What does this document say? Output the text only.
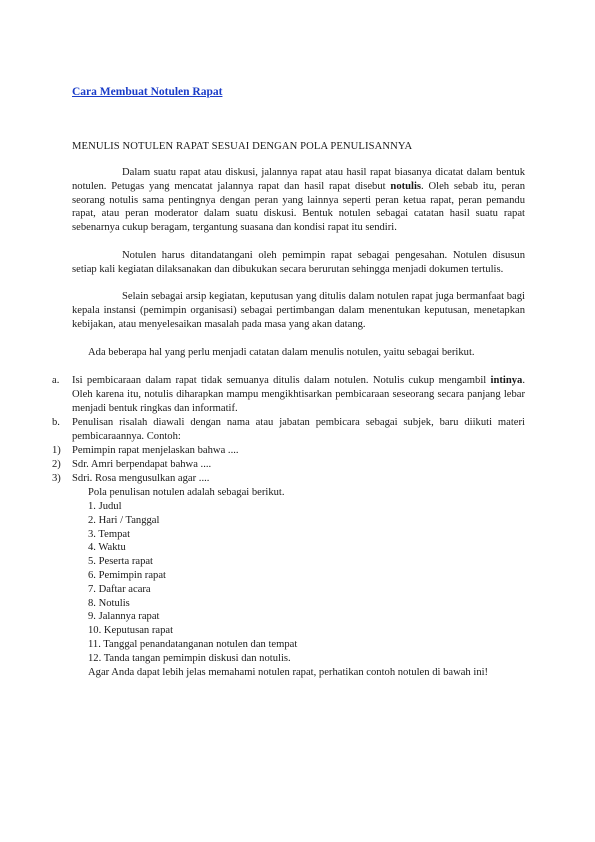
Cara Membuat Notulen Rapat
MENULIS NOTULEN RAPAT SESUAI DENGAN POLA PENULISANNYA
Dalam suatu rapat atau diskusi, jalannya rapat atau hasil rapat biasanya dicatat dalam bentuk notulen. Petugas yang mencatat jalannya rapat dan hasil rapat disebut notulis. Oleh sebab itu, peran seorang notulis sama pentingnya dengan peran yang lainnya seperti peran ketua rapat, peran pemandu rapat, atau peran moderator dalam suatu diskusi. Bentuk notulen sebagai catatan hasil suatu rapat sebenarnya cukup beragam, tergantung suasana dan kondisi rapat itu sendiri.
Notulen harus ditandatangani oleh pemimpin rapat sebagai pengesahan. Notulen disusun setiap kali kegiatan dilaksanakan dan dibukukan secara berurutan sehingga menjadi dokumen tertulis.
Selain sebagai arsip kegiatan, keputusan yang ditulis dalam notulen rapat juga bermanfaat bagi kepala instansi (pemimpin organisasi) sebagai pertimbangan dalam menentukan keputusan, menetapkan kebijakan, atau menyelesaikan masalah pada masa yang akan datang.
Ada beberapa hal yang perlu menjadi catatan dalam menulis notulen, yaitu sebagai berikut.
a. Isi pembicaraan dalam rapat tidak semuanya ditulis dalam notulen. Notulis cukup mengambil intinya. Oleh karena itu, notulis diharapkan mampu mengikhtisarkan pembicaraan seseorang secara panjang lebar menjadi bentuk ringkas dan informatif.
b. Penulisan risalah diawali dengan nama atau jabatan pembicara sebagai subjek, baru diikuti materi pembicaraannya. Contoh:
1) Pemimpin rapat menjelaskan bahwa ....
2) Sdr. Amri berpendapat bahwa ....
3) Sdri. Rosa mengusulkan agar ....
Pola penulisan notulen adalah sebagai berikut.
1. Judul
2. Hari / Tanggal
3. Tempat
4. Waktu
5. Peserta rapat
6. Pemimpin rapat
7. Daftar acara
8. Notulis
9. Jalannya rapat
10. Keputusan rapat
11. Tanggal penandatanganan notulen dan tempat
12. Tanda tangan pemimpin diskusi dan notulis.
Agar Anda dapat lebih jelas memahami notulen rapat, perhatikan contoh notulen di bawah ini!
